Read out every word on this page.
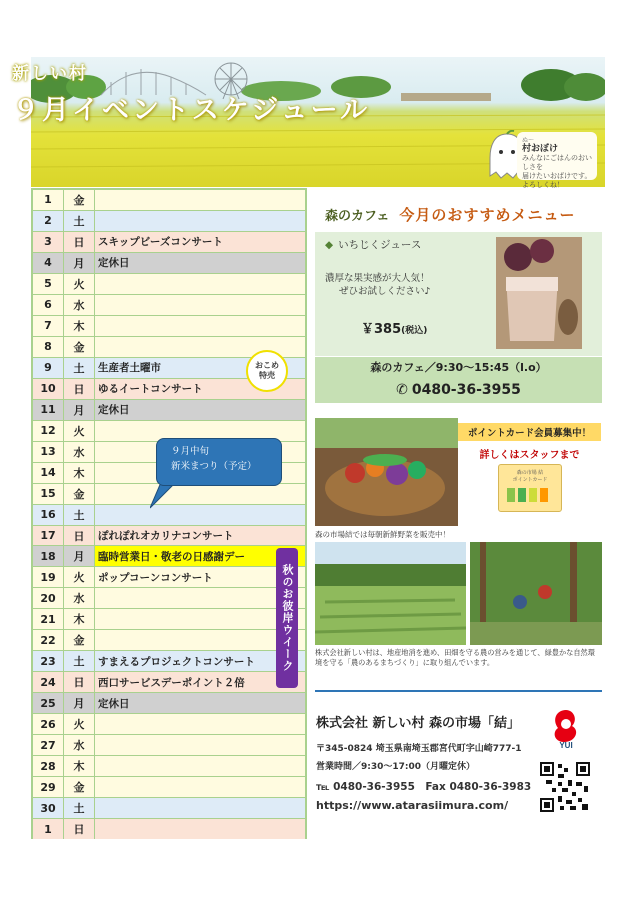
新しい村
９月イベントスケジュール
ぬ〜
村おぼけ
みんなにごはんのおいしさを
届けたいおばけです。よろしくね！
1	金
2	土
3	日	スキップビーズコンサート
4	月	定休日
5	火
6	水
7	木
8	金
9	土	生産者土曜市
10	日	ゆるイートコンサート
11	月	定休日
12	火
13	水
14	木
15	金
16	土
17	日	ぽれぽれオカリナコンサート
18	月	臨時営業日・敬老の日感謝デー
19	火	ポップコーンコンサート
20	水
21	木
22	金
23	土	すまえるプロジェクトコンサート
24	日	西口サービスデーポイント２倍
25	月	定休日
26	火
27	水
28	木
29	金
30	土
1	日
９月中旬
新米まつり（予定）
おこめ
特売
秋のお彼岸ウイーク
森のカフェ 今月のおすすめメニュー
◆ いちじくジュース
濃厚な果実感が大人気！
ぜひお試しください♪
￥385(税込)
森のカフェ／9:30〜15:45（l.o）
✆ 0480-36-3955
ポイントカード会員募集中！
詳しくはスタッフまで
森の市場 結
ポイントカード
森の市場結では毎朝新鮮野菜を販売中！
株式会社新しい村は、地産地消を進め、田畑を守る農の営みを通じて、緑豊かな自然環境を守る「農のあるまちづくり」に取り組んでいます。
株式会社 新しい村 森の市場「結」
YUI
〒345-0824 埼玉県南埼玉郡宮代町字山崎777-1
営業時間／9:30〜17:00（月曜定休）
℡ 0480-36-3955　Fax 0480-36-3983
https://www.atarasiimura.com/
